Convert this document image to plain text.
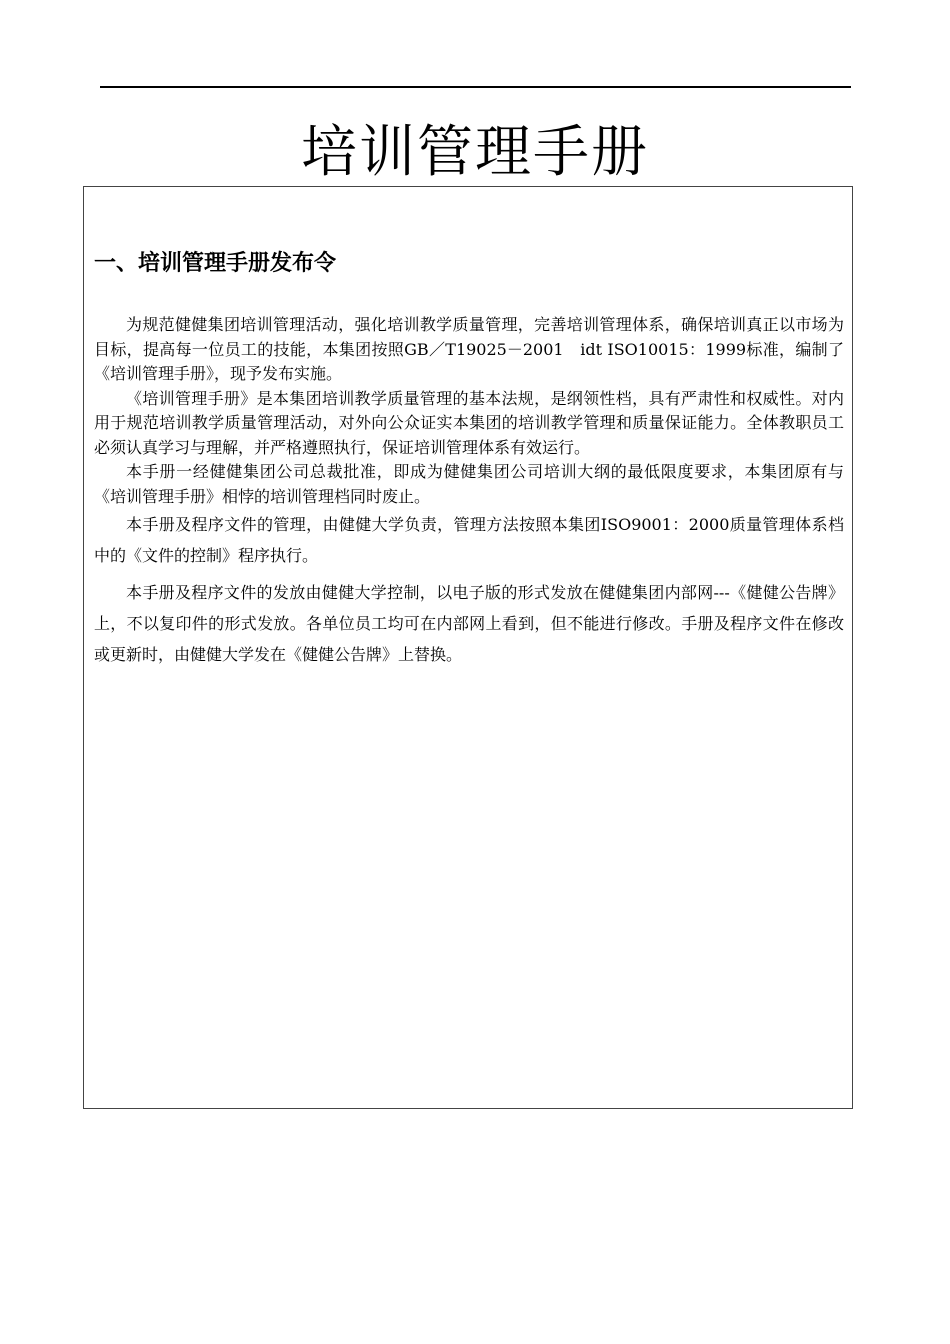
培训管理手册
一、培训管理手册发布令

为规范健健集团培训管理活动，强化培训教学质量管理，完善培训管理体系，确保培训真正以市场为目标，提高每一位员工的技能，本集团按照GB／T19025－2001　idt ISO10015：1999标准，编制了《培训管理手册》，现予发布实施。

《培训管理手册》是本集团培训教学质量管理的基本法规，是纲领性档，具有严肃性和权威性。对内用于规范培训教学质量管理活动，对外向公众证实本集团的培训教学管理和质量保证能力。全体教职员工必须认真学习与理解，并严格遵照执行，保证培训管理体系有效运行。

本手册一经健健集团公司总裁批准，即成为健健集团公司培训大纲的最低限度要求，本集团原有与《培训管理手册》相悖的培训管理档同时废止。

本手册及程序文件的管理，由健健大学负责，管理方法按照本集团ISO9001：2000质量管理体系档中的《文件的控制》程序执行。

本手册及程序文件的发放由健健大学控制，以电子版的形式发放在健健集团内部网---《健健公告牌》上，不以复印件的形式发放。各单位员工均可在内部网上看到，但不能进行修改。手册及程序文件在修改或更新时，由健健大学发在《健健公告牌》上替换。
